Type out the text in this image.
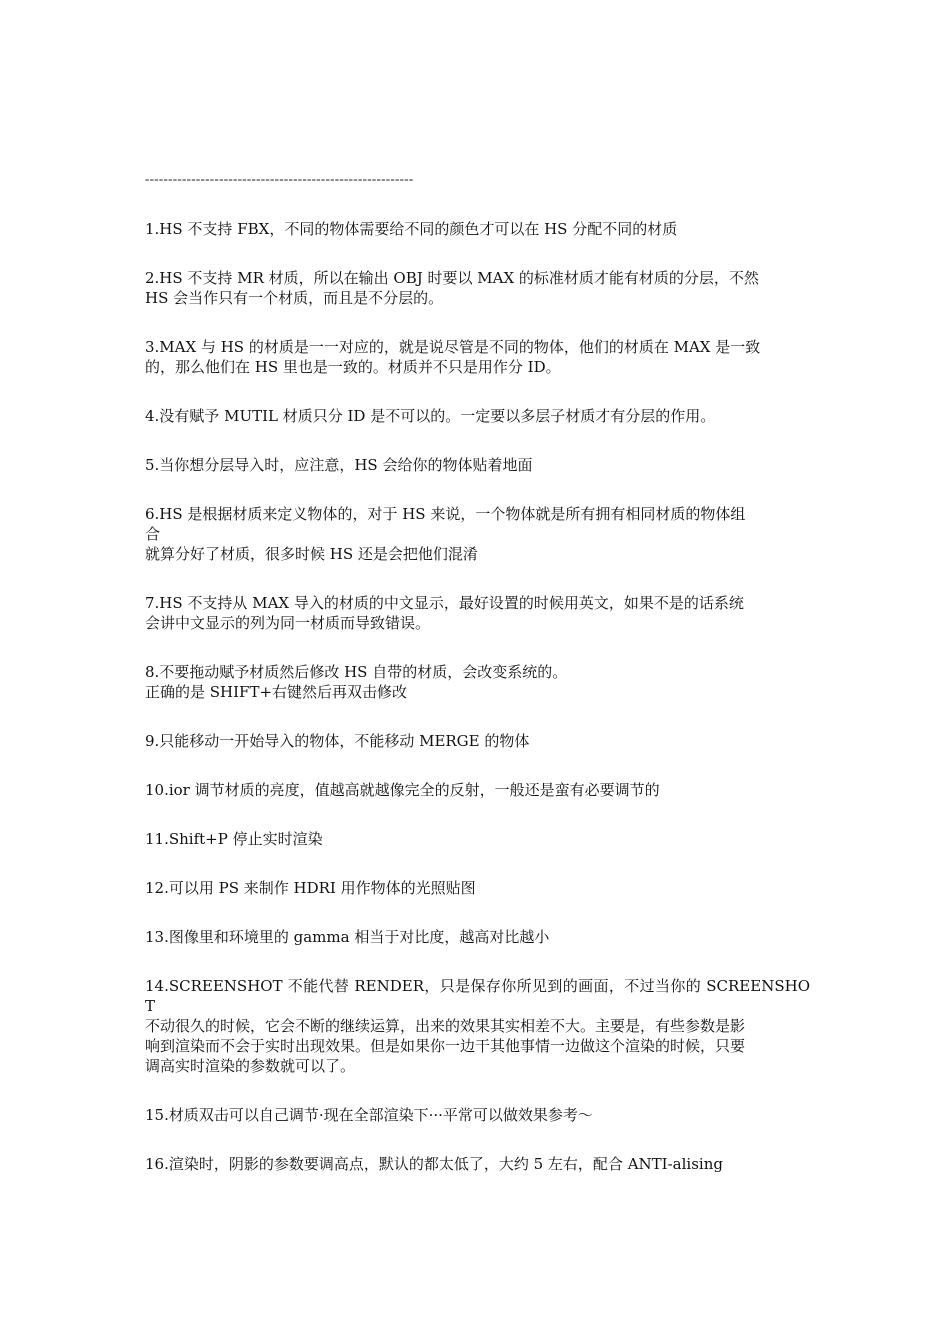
----------------------------------------------------------
1.HS 不支持 FBX，不同的物体需要给不同的颜色才可以在 HS 分配不同的材质
2.HS 不支持 MR 材质，所以在输出 OBJ 时要以 MAX 的标准材质才能有材质的分层，不然
HS 会当作只有一个材质，而且是不分层的。
3.MAX 与 HS 的材质是一一对应的，就是说尽管是不同的物体，他们的材质在 MAX 是一致
的，那么他们在 HS 里也是一致的。材质并不只是用作分 ID。
4.没有赋予 MUTIL 材质只分 ID 是不可以的。一定要以多层子材质才有分层的作用。
5.当你想分层导入时，应注意，HS 会给你的物体贴着地面
6.HS 是根据材质来定义物体的，对于 HS 来说，一个物体就是所有拥有相同材质的物体组
合
就算分好了材质，很多时候 HS 还是会把他们混淆
7.HS 不支持从 MAX 导入的材质的中文显示，最好设置的时候用英文，如果不是的话系统
会讲中文显示的列为同一材质而导致错误。
8.不要拖动赋予材质然后修改 HS 自带的材质，会改变系统的。
正确的是 SHIFT+右键然后再双击修改
9.只能移动一开始导入的物体，不能移动 MERGE 的物体
10.ior 调节材质的亮度，值越高就越像完全的反射，一般还是蛮有必要调节的
11.Shift+P 停止实时渲染
12.可以用 PS 来制作 HDRI 用作物体的光照贴图
13.图像里和环境里的 gamma 相当于对比度，越高对比越小
14.SCREENSHOT 不能代替 RENDER，只是保存你所见到的画面，不过当你的 SCREENSHOT
不动很久的时候，它会不断的继续运算，出来的效果其实相差不大。主要是，有些参数是影
响到渲染而不会于实时出现效果。但是如果你一边干其他事情一边做这个渲染的时候，只要
调高实时渲染的参数就可以了。
15.材质双击可以自己调节·现在全部渲染下···平常可以做效果参考～
16.渲染时，阴影的参数要调高点，默认的都太低了，大约 5 左右，配合 ANTI-alising
